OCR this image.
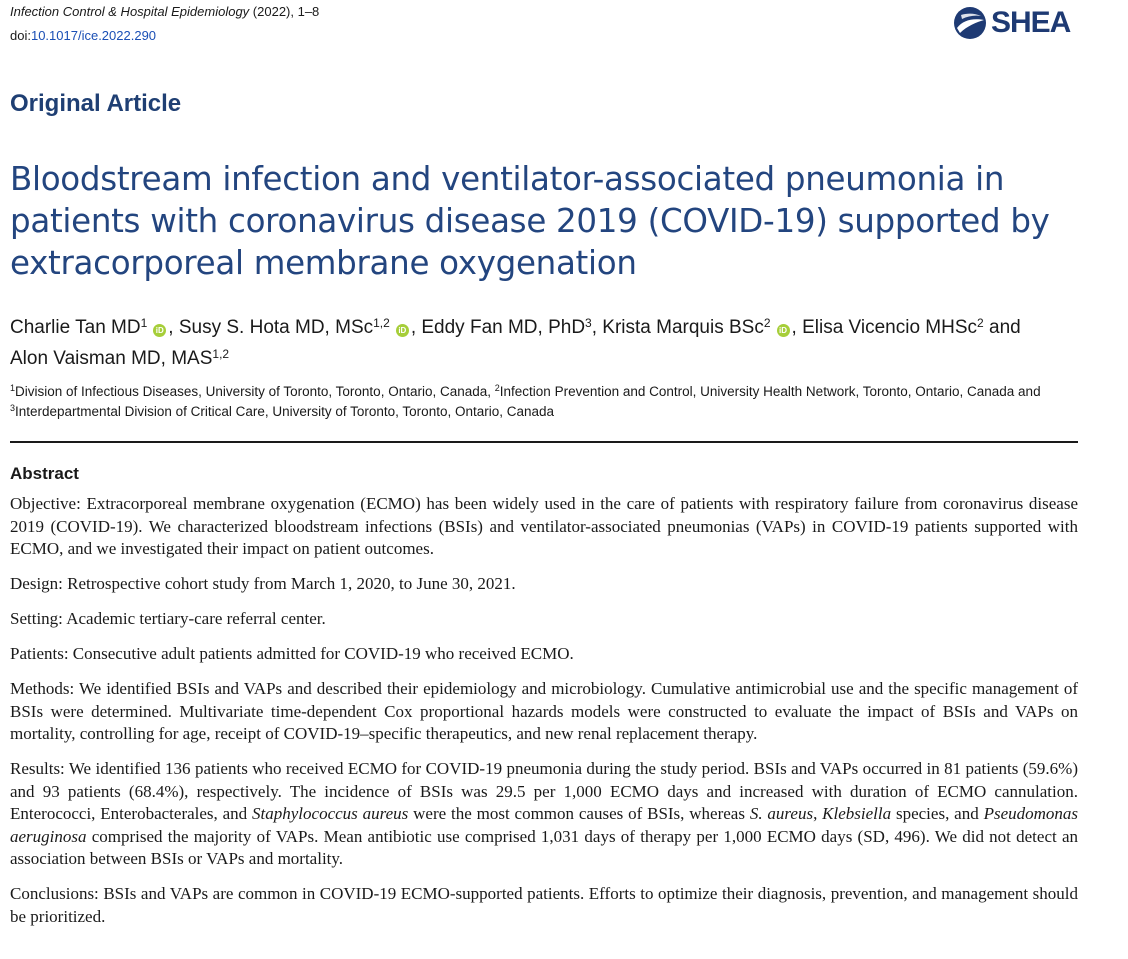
Infection Control & Hospital Epidemiology (2022), 1–8
doi:10.1017/ice.2022.290	SHEA
Original Article
Bloodstream infection and ventilator-associated pneumonia in patients with coronavirus disease 2019 (COVID-19) supported by extracorporeal membrane oxygenation
Charlie Tan $MD^1iD$ , Susy S. Hota MD, MSc$^{1,2}$iD , Eddy Fan MD, PhD$^3$, Krista Marquis BSc$^2$iD , Elisa Vicencio MHSc$^2$ and
Alon Vaisman MD, MAS$^{1,2}$
$^1$Division of Infectious Diseases, University of Toronto, Toronto, Ontario, Canada, $^2$Infection Prevention and Control, University Health Network, Toronto, Ontario, Canada and $^3$Interdepartmental Division of Critical Care, University of Toronto, Toronto, Ontario, Canada
Abstract

Objective: Extracorporeal membrane oxygenation (ECMO) has been widely used in the care of patients with respiratory failure from coronavirus disease 2019 (COVID-19). We characterized bloodstream infections (BSIs) and ventilator-associated pneumonias (VAPs) in COVID-19 patients supported with ECMO, and we investigated their impact on patient outcomes.

Design: Retrospective cohort study from March 1, 2020, to June 30, 2021.

Setting: Academic tertiary-care referral center.

Patients: Consecutive adult patients admitted for COVID-19 who received ECMO.

Methods: We identified BSIs and VAPs and described their epidemiology and microbiology. Cumulative antimicrobial use and the specific management of BSIs were determined. Multivariate time-dependent Cox proportional hazards models were constructed to evaluate the impact of BSIs and VAPs on mortality, controlling for age, receipt of COVID-19–specific therapeutics, and new renal replacement therapy.

Results: We identified 136 patients who received ECMO for COVID-19 pneumonia during the study period. BSIs and VAPs occurred in 81 patients (59.6%) and 93 patients (68.4%), respectively. The incidence of BSIs was 29.5 per 1,000 ECMO days and increased with duration of ECMO cannulation. Enterococci, Enterobacterales, and Staphylococcus aureus were the most common causes of BSIs, whereas S. aureus, Klebsiella species, and Pseudomonas aeruginosa comprised the majority of VAPs. Mean antibiotic use comprised 1,031 days of therapy per 1,000 ECMO days (SD, 496). We did not detect an association between BSIs or VAPs and mortality.

Conclusions: BSIs and VAPs are common in COVID-19 ECMO-supported patients. Efforts to optimize their diagnosis, prevention, and management should be prioritized.
